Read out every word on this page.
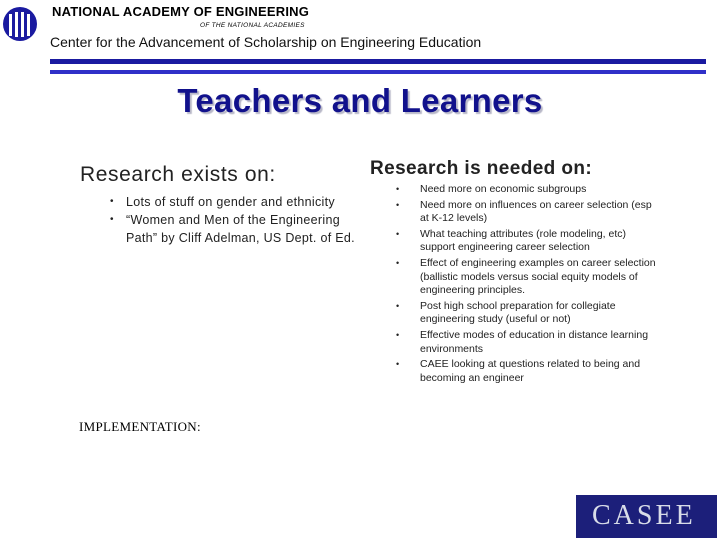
NATIONAL ACADEMY OF ENGINEERING
OF THE NATIONAL ACADEMIES
Center for the Advancement of Scholarship on Engineering Education
Teachers and Learners
Research exists on:
• Lots of stuff on gender and ethnicity
• “Women and Men of the Engineering Path” by Cliff Adelman, US Dept. of Ed.
Research is needed on:
• Need more on economic subgroups
• Need more on influences on career selection (esp at K-12 levels)
• What teaching attributes (role modeling, etc) support engineering career selection
• Effect of engineering examples on career selection (ballistic models versus social equity models of engineering principles.
• Post high school preparation for collegiate engineering study (useful or not)
• Effective modes of education in distance learning environments
• CAEE looking at questions related to being and becoming an engineer
IMPLEMENTATION:
CASEE
